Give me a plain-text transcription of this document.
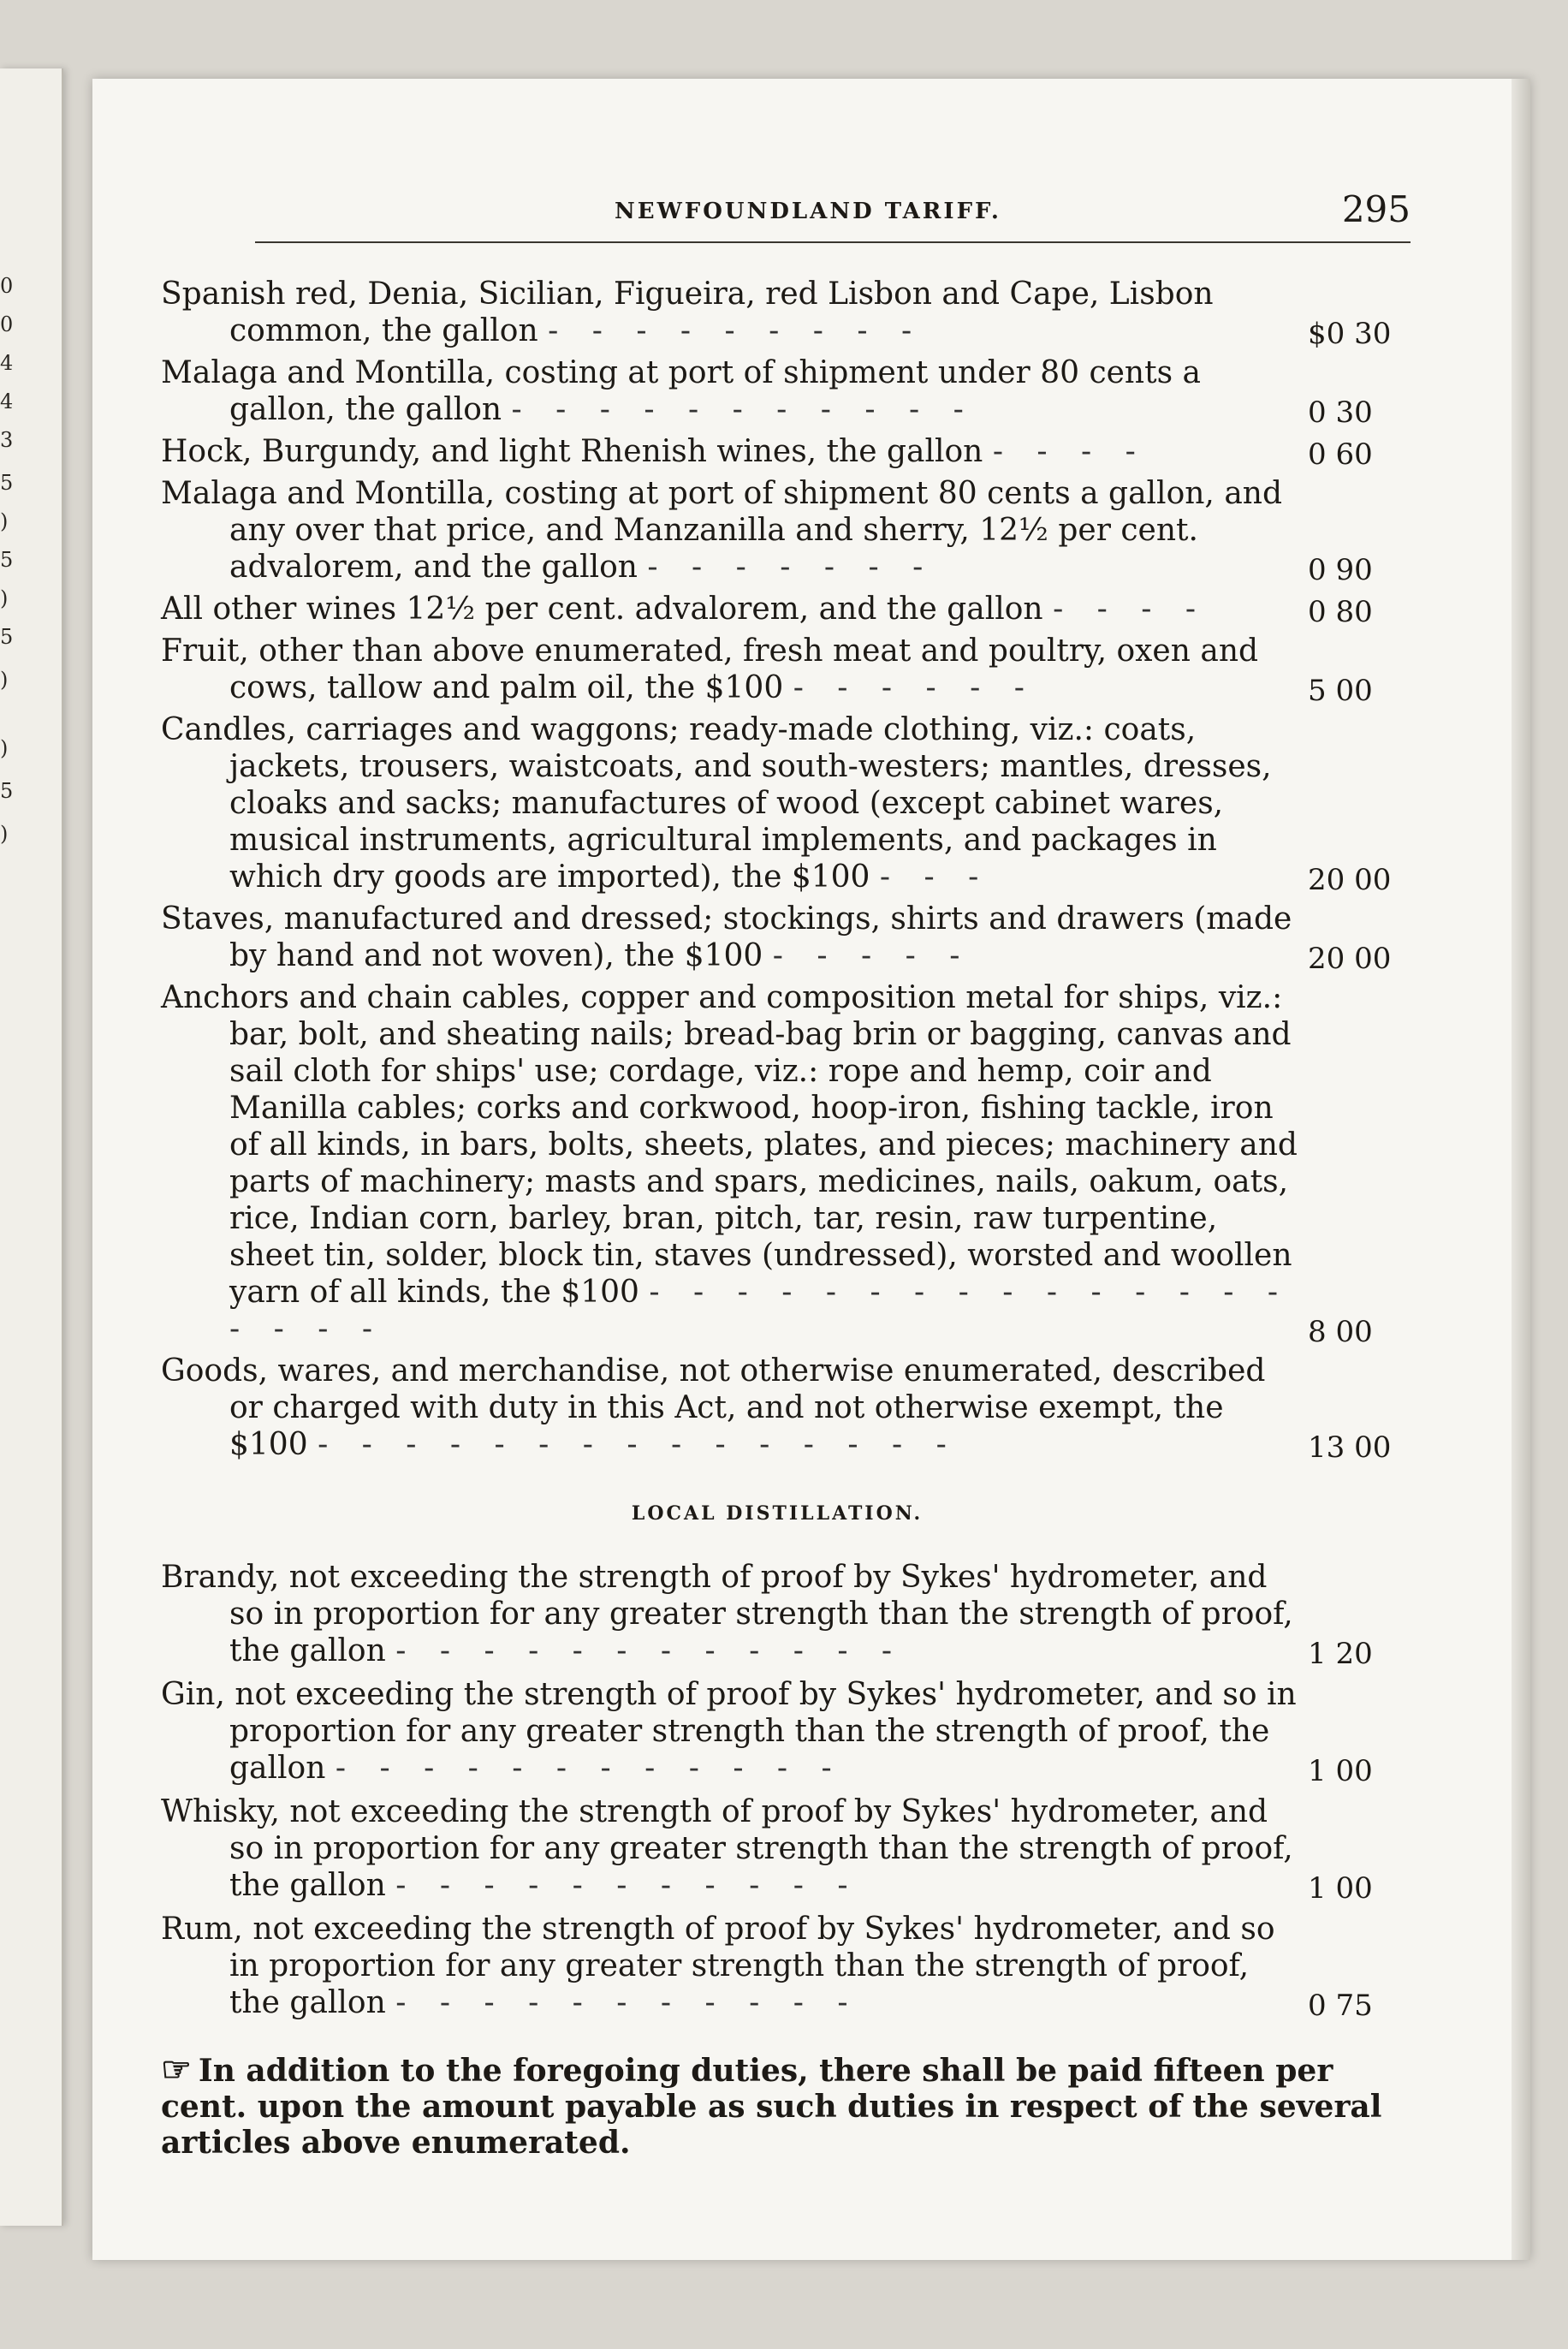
0
0
4
4
3
5
)
5
)
5
)
)
5
)
NEWFOUNDLAND TARIFF.	295
Spanish red, Denia, Sicilian, Figueira, red Lisbon and Cape, Lisbon common, the gallon - - - - - - - - -	$0 30
Malaga and Montilla, costing at port of shipment under 80 cents a gallon, the gallon - - - - - - - - - - -	0 30
Hock, Burgundy, and light Rhenish wines, the gallon - - - -	0 60
Malaga and Montilla, costing at port of shipment 80 cents a gallon, and any over that price, and Manzanilla and sherry, 12½ per cent. advalorem, and the gallon - - - - - - -	0 90
All other wines 12½ per cent. advalorem, and the gallon - - - -	0 80
Fruit, other than above enumerated, fresh meat and poultry, oxen and cows, tallow and palm oil, the $100 - - - - - -	5 00
Candles, carriages and waggons; ready-made clothing, viz.: coats, jackets, trousers, waistcoats, and south-westers; mantles, dresses, cloaks and sacks; manufactures of wood (except cabinet wares, musical instruments, agricultural implements, and packages in which dry goods are imported), the $100 - - -	20 00
Staves, manufactured and dressed; stockings, shirts and drawers (made by hand and not woven), the $100 - - - - -	20 00
Anchors and chain cables, copper and composition metal for ships, viz.: bar, bolt, and sheating nails; bread-bag brin or bagging, canvas and sail cloth for ships' use; cordage, viz.: rope and hemp, coir and Manilla cables; corks and corkwood, hoop-iron, fishing tackle, iron of all kinds, in bars, bolts, sheets, plates, and pieces; machinery and parts of machinery; masts and spars, medicines, nails, oakum, oats, rice, Indian corn, barley, bran, pitch, tar, resin, raw turpentine, sheet tin, solder, block tin, staves (undressed), worsted and woollen yarn of all kinds, the $100 - - - - - - - - - - - - - - - - - - -	8 00
Goods, wares, and merchandise, not otherwise enumerated, described or charged with duty in this Act, and not otherwise exempt, the $100 - - - - - - - - - - - - - - -	13 00
LOCAL DISTILLATION.
Brandy, not exceeding the strength of proof by Sykes' hydrometer, and so in proportion for any greater strength than the strength of proof, the gallon - - - - - - - - - - - -	1 20
Gin, not exceeding the strength of proof by Sykes' hydrometer, and so in proportion for any greater strength than the strength of proof, the gallon - - - - - - - - - - - -	1 00
Whisky, not exceeding the strength of proof by Sykes' hydrometer, and so in proportion for any greater strength than the strength of proof, the gallon - - - - - - - - - - -	1 00
Rum, not exceeding the strength of proof by Sykes' hydrometer, and so in proportion for any greater strength than the strength of proof, the gallon - - - - - - - - - - -	0 75
☞ In addition to the foregoing duties, there shall be paid fifteen per cent. upon the amount payable as such duties in respect of the several articles above enumerated.
